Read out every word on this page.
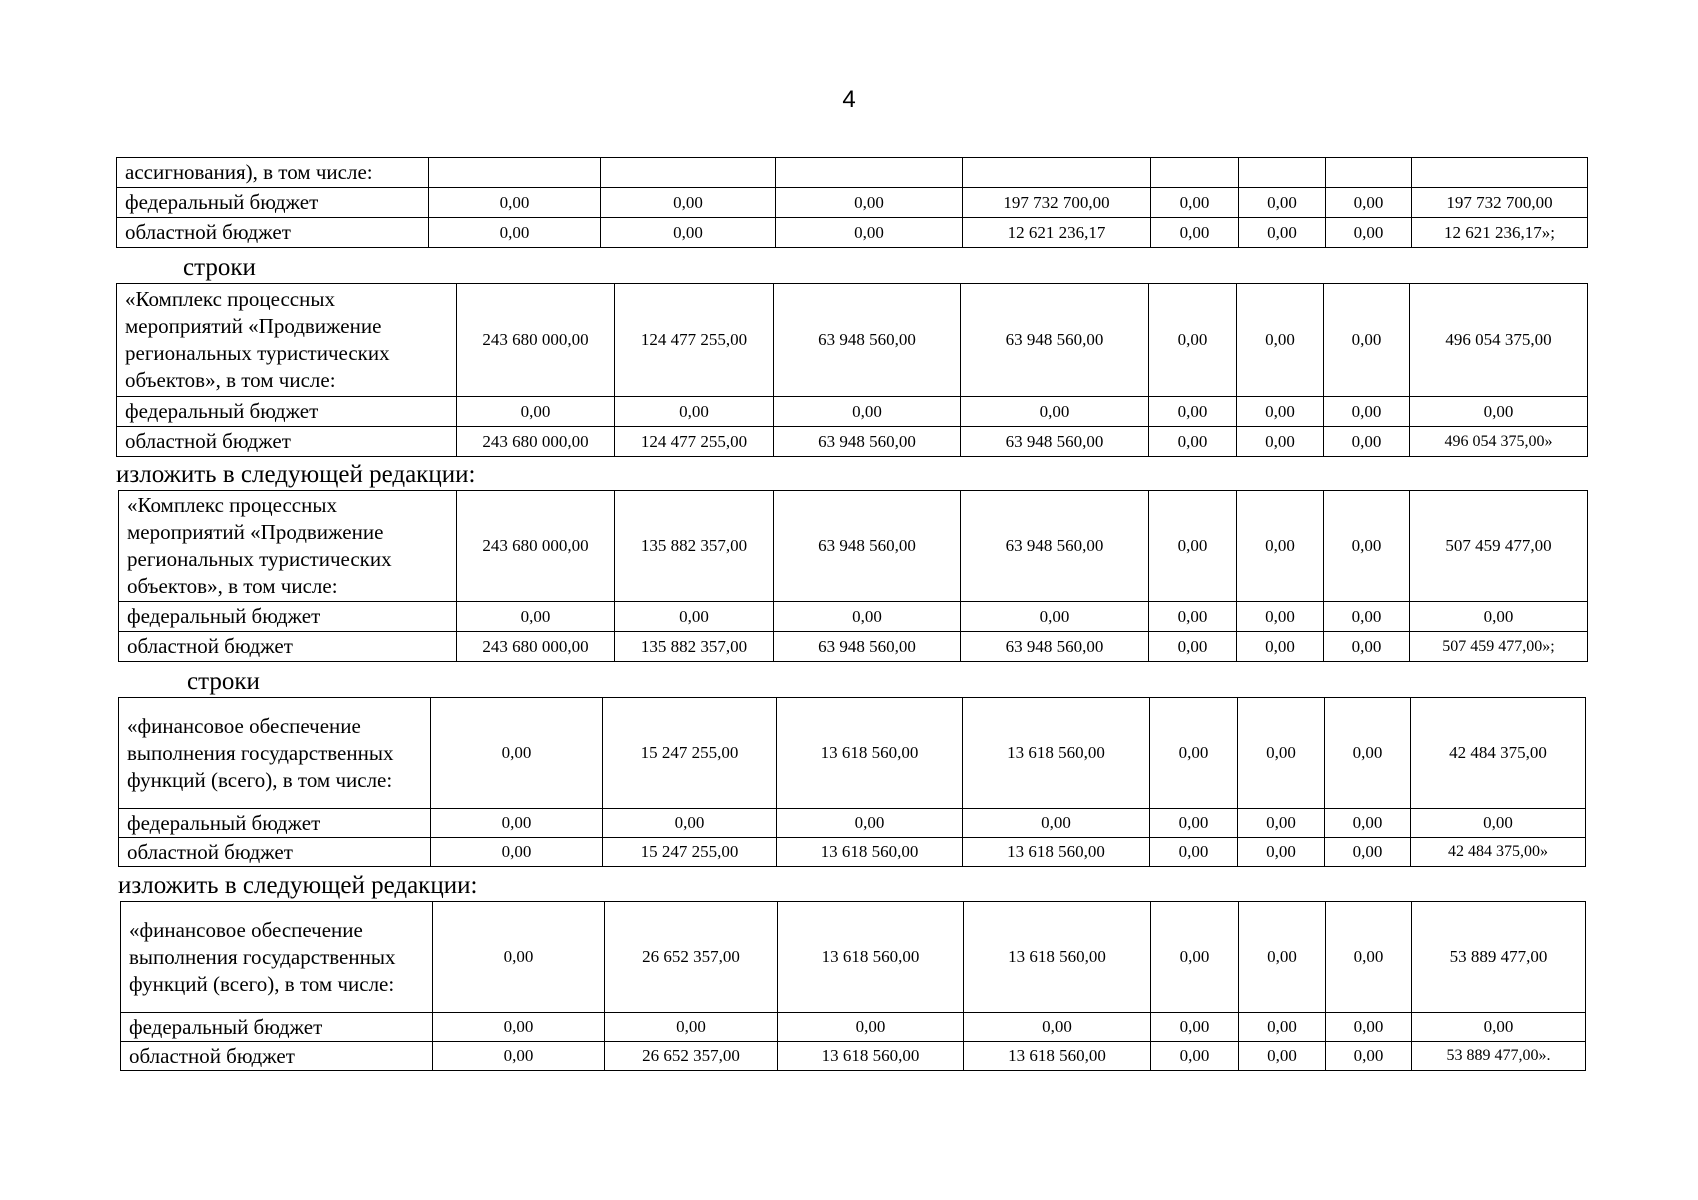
4
ассигнования), в том числе:								
федеральный бюджет	0,00	0,00	0,00	197 732 700,00	0,00	0,00	0,00	197 732 700,00
областной бюджет	0,00	0,00	0,00	12 621 236,17	0,00	0,00	0,00	12 621 236,17»;
строки
«Комплекс процессных мероприятий «Продвижение региональных туристических объектов», в том числе:	243 680 000,00	124 477 255,00	63 948 560,00	63 948 560,00	0,00	0,00	0,00	496 054 375,00
федеральный бюджет	0,00	0,00	0,00	0,00	0,00	0,00	0,00	0,00
областной бюджет	243 680 000,00	124 477 255,00	63 948 560,00	63 948 560,00	0,00	0,00	0,00	496 054 375,00»
изложить в следующей редакции:
«Комплекс процессных мероприятий «Продвижение региональных туристических объектов», в том числе:	243 680 000,00	135 882 357,00	63 948 560,00	63 948 560,00	0,00	0,00	0,00	507 459 477,00
федеральный бюджет	0,00	0,00	0,00	0,00	0,00	0,00	0,00	0,00
областной бюджет	243 680 000,00	135 882 357,00	63 948 560,00	63 948 560,00	0,00	0,00	0,00	507 459 477,00»;
строки
«финансовое обеспечение выполнения государственных функций (всего), в том числе:	0,00	15 247 255,00	13 618 560,00	13 618 560,00	0,00	0,00	0,00	42 484 375,00
федеральный бюджет	0,00	0,00	0,00	0,00	0,00	0,00	0,00	0,00
областной бюджет	0,00	15 247 255,00	13 618 560,00	13 618 560,00	0,00	0,00	0,00	42 484 375,00»
изложить в следующей редакции:
«финансовое обеспечение выполнения государственных функций (всего), в том числе:	0,00	26 652 357,00	13 618 560,00	13 618 560,00	0,00	0,00	0,00	53 889 477,00
федеральный бюджет	0,00	0,00	0,00	0,00	0,00	0,00	0,00	0,00
областной бюджет	0,00	26 652 357,00	13 618 560,00	13 618 560,00	0,00	0,00	0,00	53 889 477,00».
